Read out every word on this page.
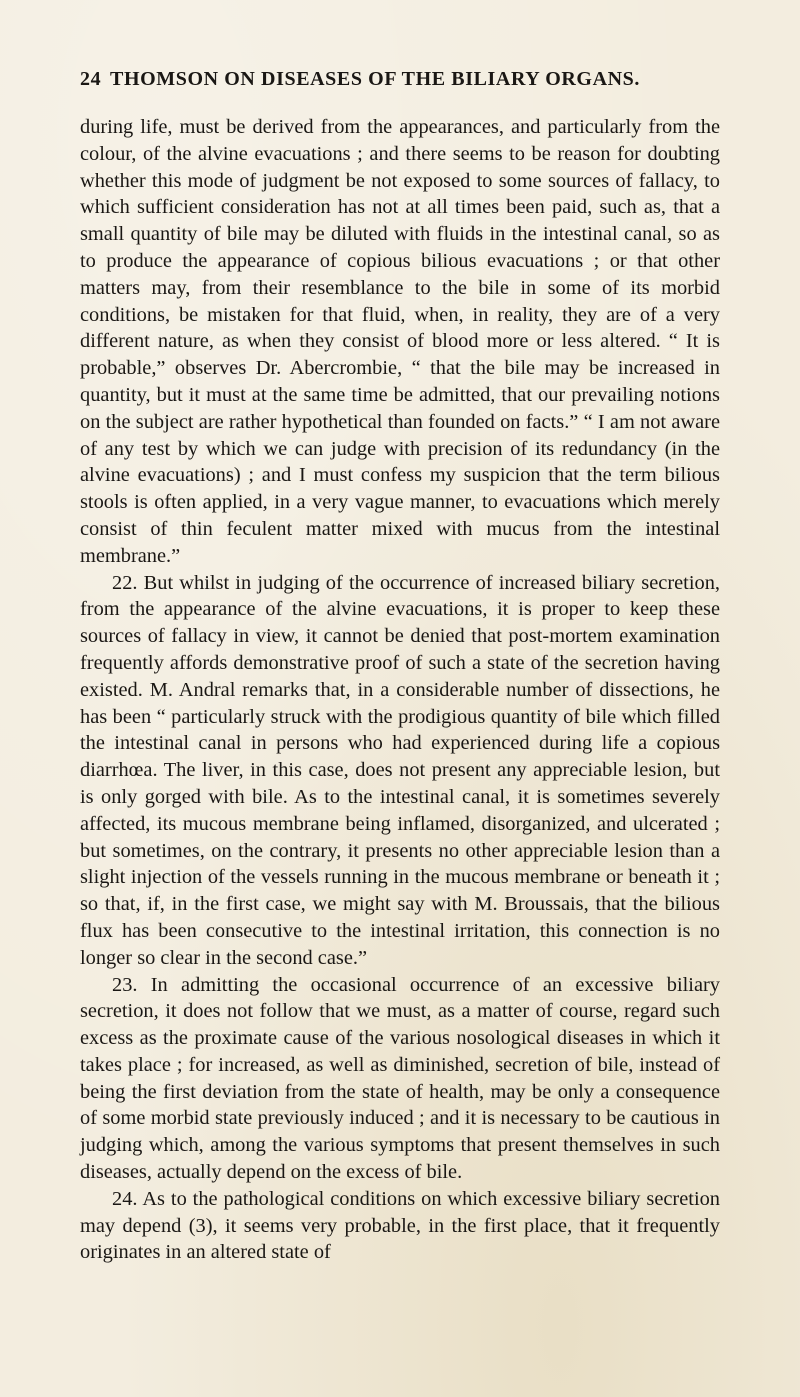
24 THOMSON ON DISEASES OF THE BILIARY ORGANS.

during life, must be derived from the appearances, and particularly from the colour, of the alvine evacuations ; and there seems to be reason for doubting whether this mode of judgment be not exposed to some sources of fallacy, to which sufficient consideration has not at all times been paid, such as, that a small quantity of bile may be diluted with fluids in the intestinal canal, so as to produce the appearance of copious bilious evacuations ; or that other matters may, from their resemblance to the bile in some of its morbid conditions, be mistaken for that fluid, when, in reality, they are of a very different nature, as when they consist of blood more or less altered. “ It is probable,” observes Dr. Abercrombie, “ that the bile may be increased in quantity, but it must at the same time be admitted, that our prevailing notions on the subject are rather hypothetical than founded on facts.” “ I am not aware of any test by which we can judge with precision of its redundancy (in the alvine evacuations) ; and I must confess my suspicion that the term bilious stools is often applied, in a very vague manner, to evacuations which merely consist of thin feculent matter mixed with mucus from the intestinal membrane.”

22. But whilst in judging of the occurrence of increased biliary secretion, from the appearance of the alvine evacuations, it is proper to keep these sources of fallacy in view, it cannot be denied that post-mortem examination frequently affords demonstrative proof of such a state of the secretion having existed. M. Andral remarks that, in a considerable number of dissections, he has been “ particularly struck with the prodigious quantity of bile which filled the intestinal canal in persons who had experienced during life a copious diarrhœa. The liver, in this case, does not present any appreciable lesion, but is only gorged with bile. As to the intestinal canal, it is sometimes severely affected, its mucous membrane being inflamed, disorganized, and ulcerated ; but sometimes, on the contrary, it presents no other appreciable lesion than a slight injection of the vessels running in the mucous membrane or beneath it ; so that, if, in the first case, we might say with M. Broussais, that the bilious flux has been consecutive to the intestinal irritation, this connection is no longer so clear in the second case.”

23. In admitting the occasional occurrence of an excessive biliary secretion, it does not follow that we must, as a matter of course, regard such excess as the proximate cause of the various nosological diseases in which it takes place ; for increased, as well as diminished, secretion of bile, instead of being the first deviation from the state of health, may be only a consequence of some morbid state previously induced ; and it is necessary to be cautious in judging which, among the various symptoms that present themselves in such diseases, actually depend on the excess of bile.

24. As to the pathological conditions on which excessive biliary secretion may depend (3), it seems very probable, in the first place, that it frequently originates in an altered state of
